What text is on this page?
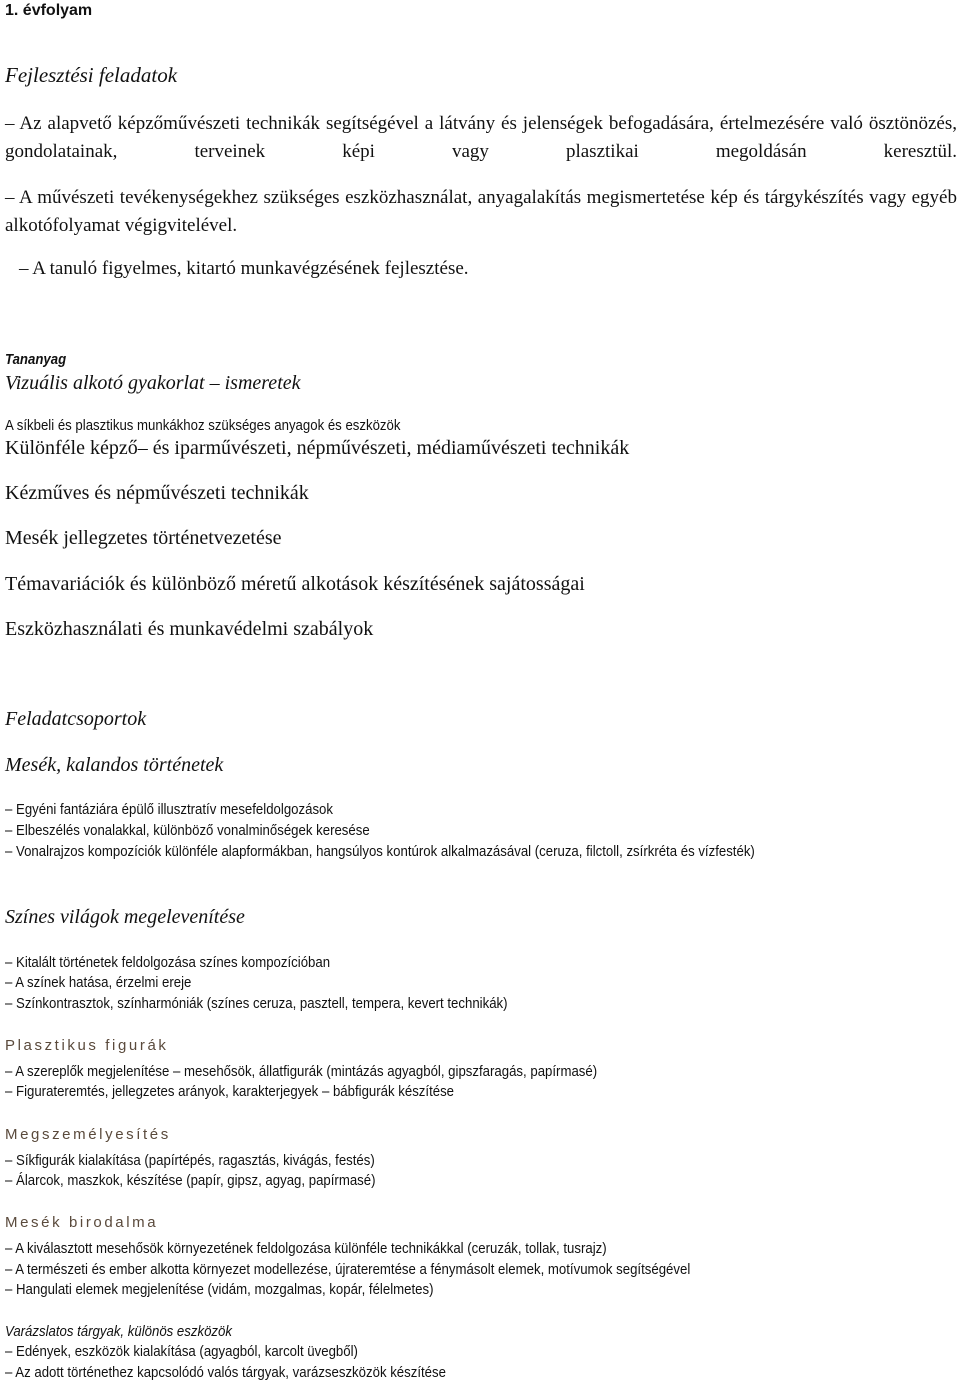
1. évfolyam

Fejlesztési feladatok

– Az alapvető képzőművészeti technikák segítségével a látvány és jelenségek befogadására, értelmezésére való ösztönözés, gondolatainak, terveinek képi vagy plasztikai megoldásán keresztül.

– A művészeti tevékenységekhez szükséges eszközhasználat, anyagalakítás megismertetése kép és tárgykészítés vagy egyéb alkotófolyamat végigvitelével.

– A tanuló figyelmes, kitartó munkavégzésének fejlesztése.

Tananyag

Vizuális alkotó gyakorlat – ismeretek

A síkbeli és plasztikus munkákhoz szükséges anyagok és eszközök

Különféle képző– és iparművészeti, népművészeti, médiaművészeti technikák

Kézműves és népművészeti technikák

Mesék jellegzetes történetvezetése

Témavariációk és különböző méretű alkotások készítésének sajátosságai

Eszközhasználati és munkavédelmi szabályok

Feladatcsoportok

Mesék, kalandos történetek

– Egyéni fantáziára épülő illusztratív mesefeldolgozások

– Elbeszélés vonalakkal, különböző vonalminőségek keresése

– Vonalrajzos kompozíciók különféle alapformákban, hangsúlyos kontúrok alkalmazásával (ceruza, filctoll, zsírkréta és vízfesték)

Színes világok megelevenítése

– Kitalált történetek feldolgozása színes kompozícióban

– A színek hatása, érzelmi ereje

– Színkontrasztok, színharmóniák (színes ceruza, pasztell, tempera, kevert technikák)

Plasztikus figurák

– A szereplők megjelenítése – mesehősök, állatfigurák (mintázás agyagból, gipszfaragás, papírmasé)

– Figurateremtés, jellegzetes arányok, karakterjegyek – bábfigurák készítése

Megszemélyesítés

– Síkfigurák kialakítása (papírtépés, ragasztás, kivágás, festés)

– Álarcok, maszkok, készítése (papír, gipsz, agyag, papírmasé)

Mesék birodalma

– A kiválasztott mesehősök környezetének feldolgozása különféle technikákkal (ceruzák, tollak, tusrajz)

– A természeti és ember alkotta környezet modellezése, újrateremtése a fénymásolt elemek, motívumok segítségével

– Hangulati elemek megjelenítése (vidám, mozgalmas, kopár, félelmetes)

Varázslatos tárgyak, különös eszközök

– Edények, eszközök kialakítása (agyagból, karcolt üvegből)

– Az adott történethez kapcsolódó valós tárgyak, varázseszközök készítése
